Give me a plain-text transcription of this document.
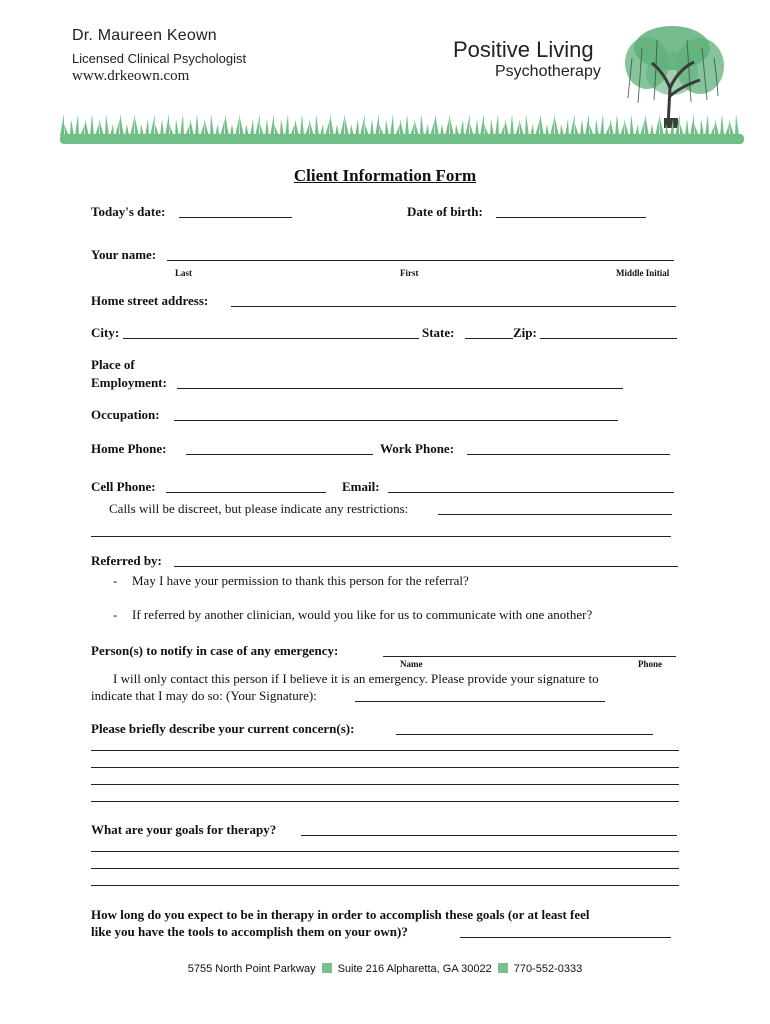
Dr. Maureen Keown
Licensed Clinical Psychologist
www.drkeown.com
Positive Living
Psychotherapy
Client Information Form
Today's date:	Date of birth:
Your name:
Last	First	Middle Initial
Home street address:
City:	State:	Zip:
Place of
Employment:
Occupation:
Home Phone:	Work Phone:
Cell Phone:	Email:
Calls will be discreet, but please indicate any restrictions:
Referred by:
- May I have your permission to thank this person for the referral?
- If referred by another clinician, would you like for us to communicate with one another?
Person(s) to notify in case of any emergency:
Name	Phone
I will only contact this person if I believe it is an emergency. Please provide your signature to
indicate that I may do so: (Your Signature):
Please briefly describe your current concern(s):
What are your goals for therapy?
How long do you expect to be in therapy in order to accomplish these goals (or at least feel
like you have the tools to accomplish them on your own)?
5755 North Point Parkway Suite 216 Alpharetta, GA 30022 770-552-0333
